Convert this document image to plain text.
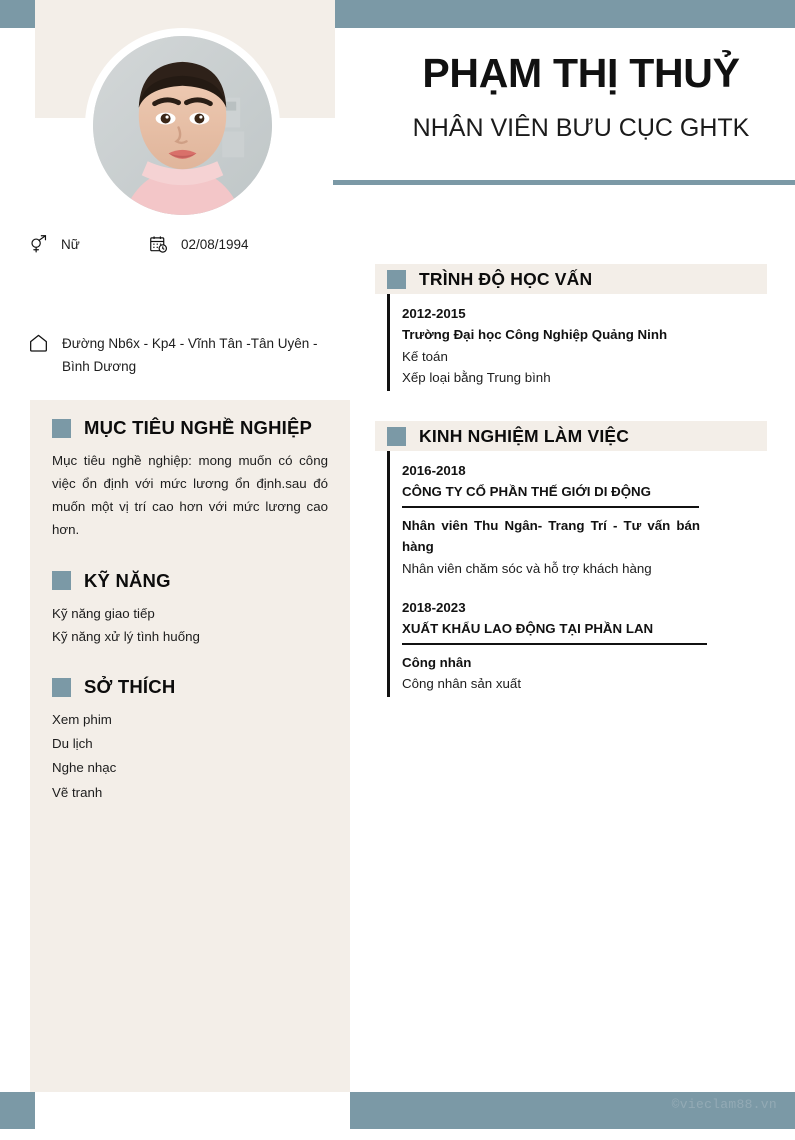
Nữ	02/08/1994
Đường Nb6x - Kp4 - Vĩnh Tân -Tân Uyên - Bình Dương
MỤC TIÊU NGHỀ NGHIỆP
Mục tiêu nghề nghiệp: mong muốn có công việc ổn định với mức lương ổn định.sau đó muốn một vị trí cao hơn với mức lương cao hơn.
KỸ NĂNG
Kỹ năng giao tiếp
Kỹ năng xử lý tình huống
SỞ THÍCH
Xem phim
Du lịch
Nghe nhạc
Vẽ tranh
PHẠM THỊ THUỶ
NHÂN VIÊN BƯU CỤC GHTK
TRÌNH ĐỘ HỌC VẤN
2012-2015
Trường Đại học Công Nghiệp Quảng Ninh
Kế toán
Xếp loại bằng Trung bình
KINH NGHIỆM LÀM VIỆC
2016-2018
CÔNG TY CỔ PHẦN THẾ GIỚI DI ĐỘNG
Nhân viên Thu Ngân- Trang Trí - Tư vấn bán hàng
Nhân viên chăm sóc và hỗ trợ khách hàng
2018-2023
XUẤT KHẨU LAO ĐỘNG TẠI PHẦN LAN
Công nhân
Công nhân sản xuất
©vieclam88.vn
